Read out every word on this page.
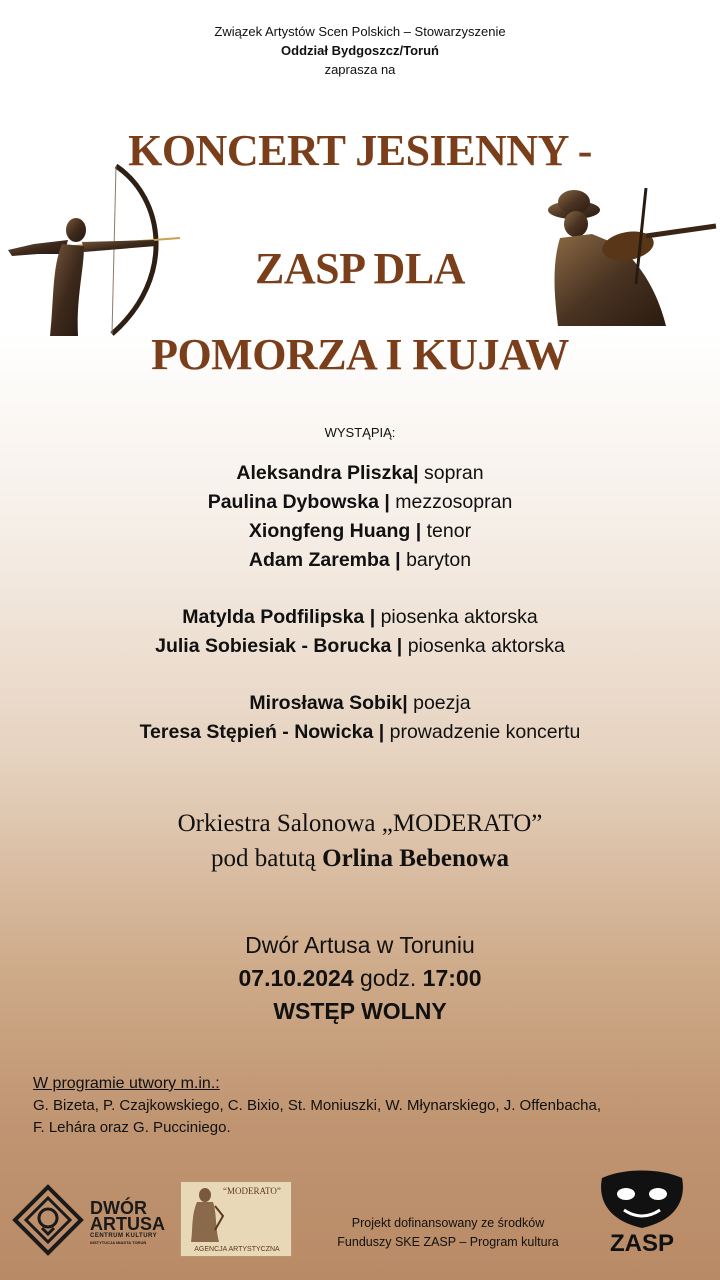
Związek Artystów Scen Polskich – Stowarzyszenie
Oddział Bydgoszcz/Toruń
zaprasza na
KONCERT JESIENNY -
ZASP DLA
POMORZA I KUJAW
WYSTĄPIĄ:
Aleksandra Pliszka| sopran
Paulina Dybowska | mezzosopran
Xiongfeng Huang | tenor
Adam Zaremba | baryton
Matylda Podfilipska | piosenka aktorska
Julia Sobiesiak - Borucka | piosenka aktorska
Mirosława Sobik| poezja
Teresa Stępień - Nowicka | prowadzenie koncertu
Orkiestra Salonowa „MODERATO”
pod batutą Orlina Bebenowa
Dwór Artusa w Toruniu
07.10.2024 godz. 17:00
WSTĘP WOLNY
W programie utwory m.in.:
G. Bizeta, P. Czajkowskiego, C. Bixio, St. Moniuszki, W. Młynarskiego, J. Offenbacha,
F. Lehára oraz G. Pucciniego.
DWÓR
ARTUSA
CENTRUM KULTURY
INSTYTUCJA MIASTA TORUŃ
“MODERATO”
AGENCJA ARTYSTYCZNA
Projekt dofinansowany ze środków
Funduszy SKE ZASP – Program kultura	ZASP
